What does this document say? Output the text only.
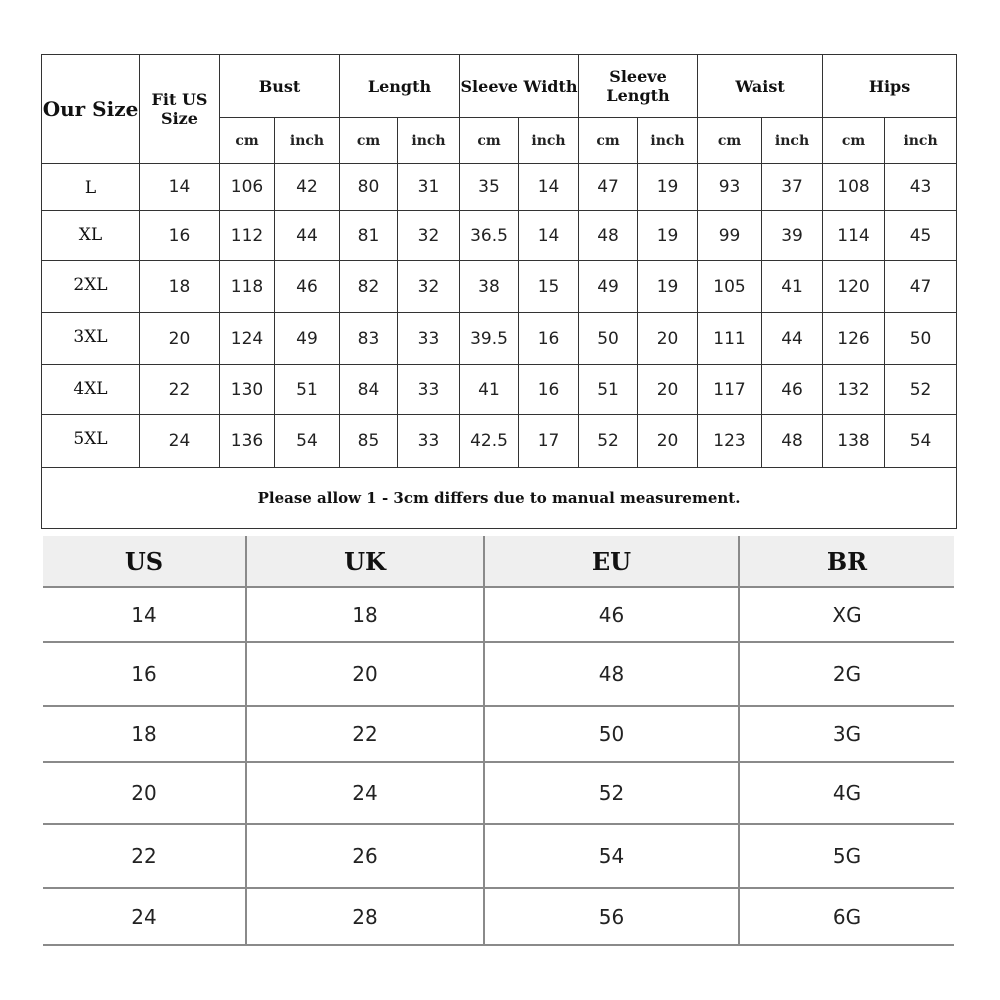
Our Size	Fit US Size	Bust		Length		Sleeve Width		Sleeve Length		Waist		Hips	
		cm	inch	cm	inch	cm	inch	cm	inch	cm	inch	cm	inch
L	14	106	42	80	31	35	14	47	19	93	37	108	43
XL	16	112	44	81	32	36.5	14	48	19	99	39	114	45
2XL	18	118	46	82	32	38	15	49	19	105	41	120	47
3XL	20	124	49	83	33	39.5	16	50	20	111	44	126	50
4XL	22	130	51	84	33	41	16	51	20	117	46	132	52
5XL	24	136	54	85	33	42.5	17	52	20	123	48	138	54
Please allow 1 - 3cm differs due to manual measurement.													
US	UK	EU	BR
14	18	46	XG
16	20	48	2G
18	22	50	3G
20	24	52	4G
22	26	54	5G
24	28	56	6G
